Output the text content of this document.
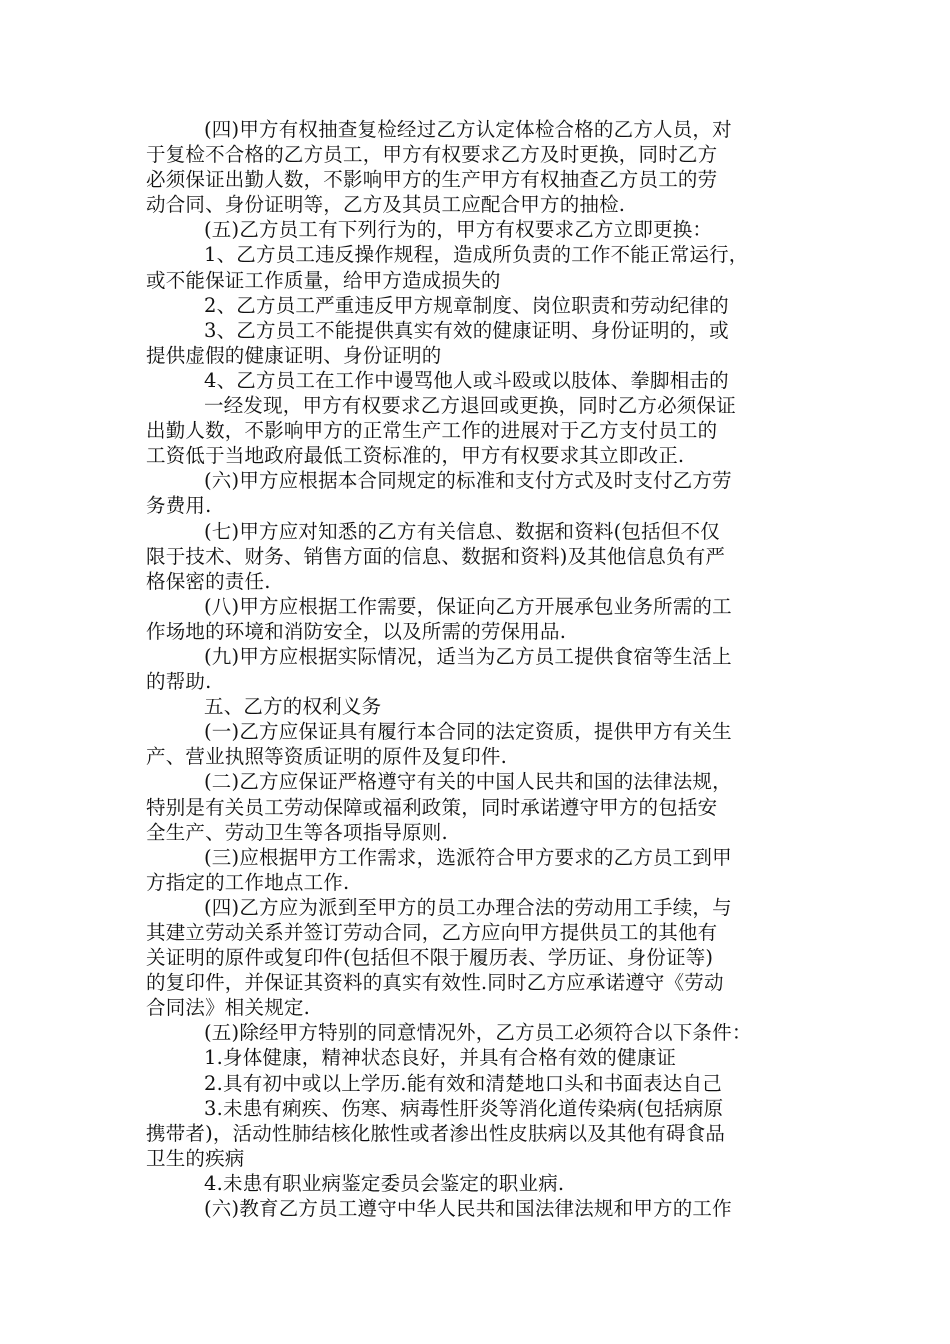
(四)甲方有权抽查复检经过乙方认定体检合格的乙方人员，对
于复检不合格的乙方员工，甲方有权要求乙方及时更换，同时乙方
必须保证出勤人数，不影响甲方的生产甲方有权抽查乙方员工的劳
动合同、身份证明等，乙方及其员工应配合甲方的抽检.
(五)乙方员工有下列行为的，甲方有权要求乙方立即更换：
1、乙方员工违反操作规程，造成所负责的工作不能正常运行，
或不能保证工作质量，给甲方造成损失的
2、乙方员工严重违反甲方规章制度、岗位职责和劳动纪律的
3、乙方员工不能提供真实有效的健康证明、身份证明的，或
提供虚假的健康证明、身份证明的
4、乙方员工在工作中谩骂他人或斗殴或以肢体、拳脚相击的
一经发现，甲方有权要求乙方退回或更换，同时乙方必须保证
出勤人数，不影响甲方的正常生产工作的进展对于乙方支付员工的
工资低于当地政府最低工资标准的，甲方有权要求其立即改正.
(六)甲方应根据本合同规定的标准和支付方式及时支付乙方劳
务费用.
(七)甲方应对知悉的乙方有关信息、数据和资料(包括但不仅
限于技术、财务、销售方面的信息、数据和资料)及其他信息负有严
格保密的责任.
(八)甲方应根据工作需要，保证向乙方开展承包业务所需的工
作场地的环境和消防安全，以及所需的劳保用品.
(九)甲方应根据实际情况，适当为乙方员工提供食宿等生活上
的帮助.
五、乙方的权利义务
(一)乙方应保证具有履行本合同的法定资质，提供甲方有关生
产、营业执照等资质证明的原件及复印件.
(二)乙方应保证严格遵守有关的中国人民共和国的法律法规，
特别是有关员工劳动保障或福利政策，同时承诺遵守甲方的包括安
全生产、劳动卫生等各项指导原则.
(三)应根据甲方工作需求，选派符合甲方要求的乙方员工到甲
方指定的工作地点工作.
(四)乙方应为派到至甲方的员工办理合法的劳动用工手续，与
其建立劳动关系并签订劳动合同，乙方应向甲方提供员工的其他有
关证明的原件或复印件(包括但不限于履历表、学历证、身份证等)
的复印件，并保证其资料的真实有效性.同时乙方应承诺遵守《劳动
合同法》相关规定.
(五)除经甲方特别的同意情况外，乙方员工必须符合以下条件：
1.身体健康，精神状态良好，并具有合格有效的健康证
2.具有初中或以上学历.能有效和清楚地口头和书面表达自己
3.未患有痢疾、伤寒、病毒性肝炎等消化道传染病(包括病原
携带者)，活动性肺结核化脓性或者渗出性皮肤病以及其他有碍食品
卫生的疾病
4.未患有职业病鉴定委员会鉴定的职业病.
(六)教育乙方员工遵守中华人民共和国法律法规和甲方的工作
